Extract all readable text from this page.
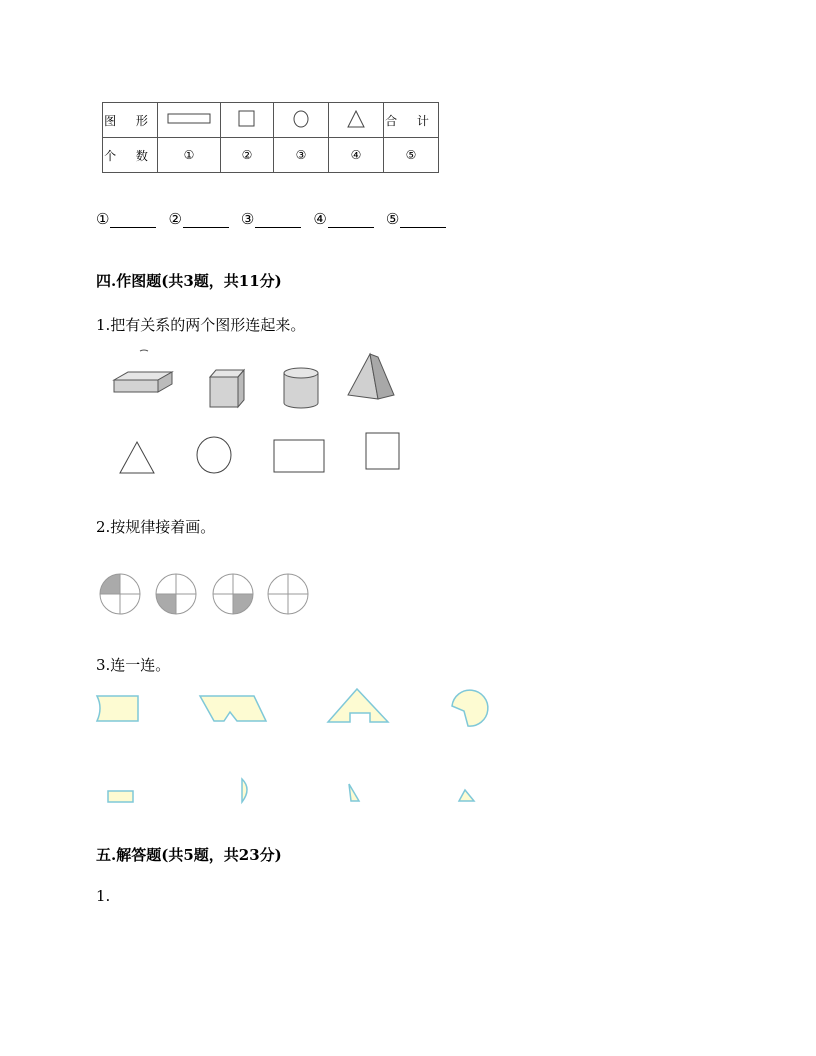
图 形					合 计
个 数	①	②	③	④	⑤
①	②	③	④	⑤
四.作图题(共3题，共11分)
1.把有关系的两个图形连起来。
2.按规律接着画。
3.连一连。
五.解答题(共5题，共23分)
1.
